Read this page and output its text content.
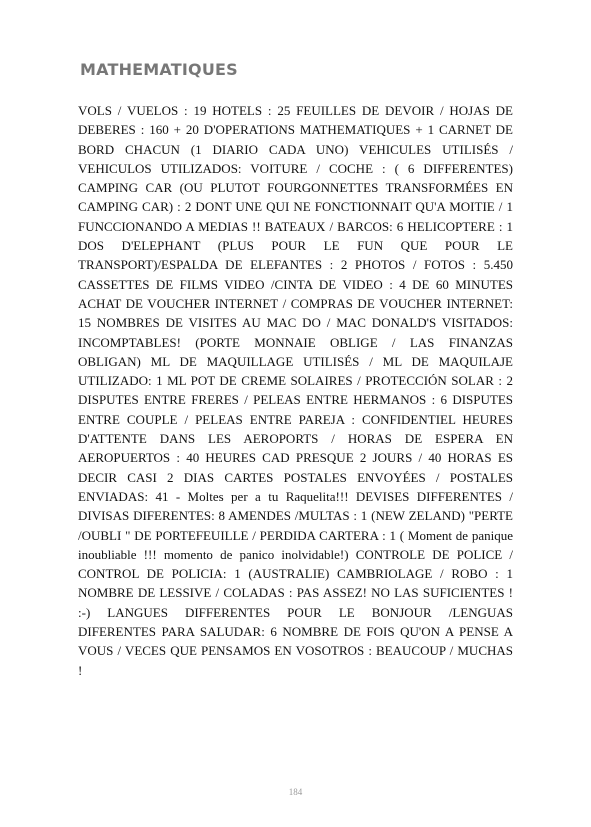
MATHEMATIQUES

VOLS / VUELOS : 19 HOTELS : 25 FEUILLES DE DEVOIR / HOJAS DE DEBERES : 160 + 20 D'OPERATIONS MATHEMATIQUES + 1 CARNET DE BORD CHACUN (1 DIARIO CADA UNO) VEHICULES UTILISÉS / VEHICULOS UTILIZADOS: VOITURE / COCHE : ( 6 DIFFERENTES) CAMPING CAR (OU PLUTOT FOURGONNETTES TRANSFORMÉES EN CAMPING CAR) : 2 DONT UNE QUI NE FONCTIONNAIT QU'A MOITIE / 1 FUNCCIONANDO A MEDIAS !! BATEAUX / BARCOS: 6 HELICOPTERE : 1 DOS D'ELEPHANT (PLUS POUR LE FUN QUE POUR LE TRANSPORT)/ESPALDA DE ELEFANTES : 2 PHOTOS / FOTOS : 5.450 CASSETTES DE FILMS VIDEO /CINTA DE VIDEO : 4 DE 60 MINUTES ACHAT DE VOUCHER INTERNET / COMPRAS DE VOUCHER INTERNET: 15 NOMBRES DE VISITES AU MAC DO / MAC DONALD'S VISITADOS: INCOMPTABLES! (PORTE MONNAIE OBLIGE / LAS FINANZAS OBLIGAN) ML DE MAQUILLAGE UTILISÉS / ML DE MAQUILAJE UTILIZADO: 1 ML POT DE CREME SOLAIRES / PROTECCIÓN SOLAR : 2 DISPUTES ENTRE FRERES / PELEAS ENTRE HERMANOS : 6 DISPUTES ENTRE COUPLE / PELEAS ENTRE PAREJA : CONFIDENTIEL HEURES D'ATTENTE DANS LES AEROPORTS / HORAS DE ESPERA EN AEROPUERTOS : 40 HEURES CAD PRESQUE 2 JOURS / 40 HORAS ES DECIR CASI 2 DIAS CARTES POSTALES ENVOYÉES / POSTALES ENVIADAS: 41 - Moltes per a tu Raquelita!!! DEVISES DIFFERENTES / DIVISAS DIFERENTES: 8 AMENDES /MULTAS : 1 (NEW ZELAND) "PERTE /OUBLI " DE PORTEFEUILLE / PERDIDA CARTERA : 1 ( Moment de panique inoubliable !!! momento de panico inolvidable!) CONTROLE DE POLICE / CONTROL DE POLICIA: 1 (AUSTRALIE) CAMBRIOLAGE / ROBO : 1 NOMBRE DE LESSIVE / COLADAS : PAS ASSEZ! NO LAS SUFICIENTES ! :-) LANGUES DIFFERENTES POUR LE BONJOUR /LENGUAS DIFERENTES PARA SALUDAR: 6 NOMBRE DE FOIS QU'ON A PENSE A VOUS / VECES QUE PENSAMOS EN VOSOTROS : BEAUCOUP / MUCHAS !

184
